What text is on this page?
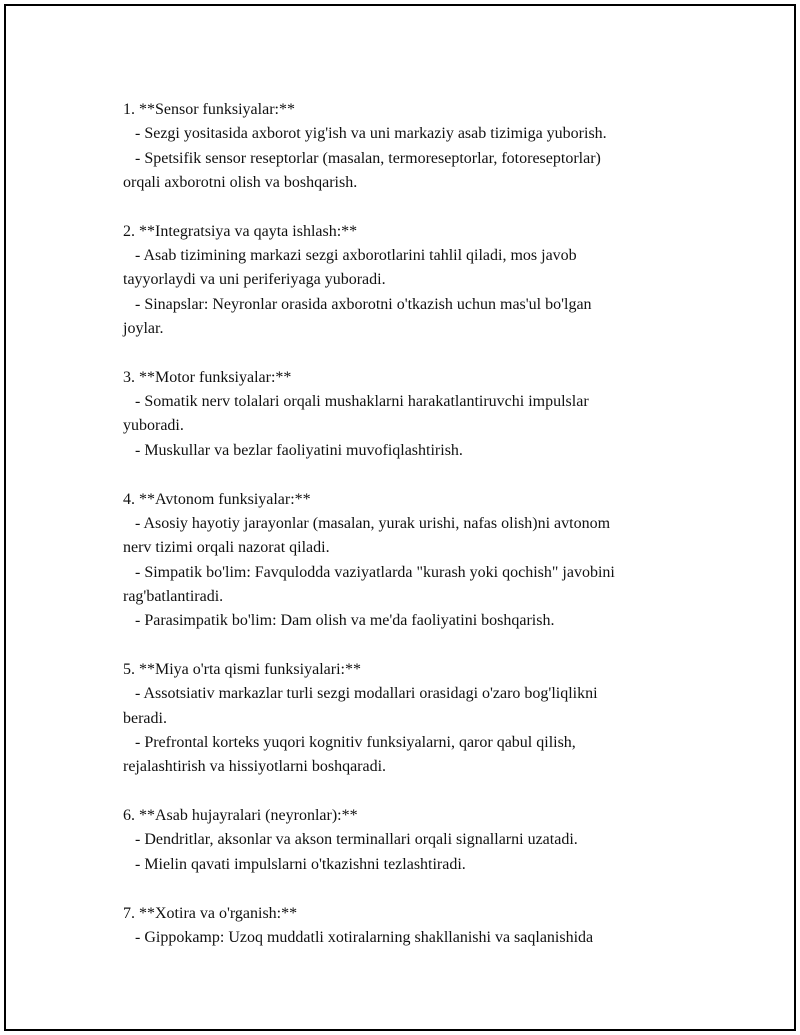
1. **Sensor funksiyalar:**
- Sezgi yositasida axborot yig'ish va uni markaziy asab tizimiga yuborish.
- Spetsifik sensor reseptorlar (masalan, termoreseptorlar, fotoreseptorlar)
orqali axborotni olish va boshqarish.
2. **Integratsiya va qayta ishlash:**
- Asab tizimining markazi sezgi axborotlarini tahlil qiladi, mos javob
tayyorlaydi va uni periferiyaga yuboradi.
- Sinapslar: Neyronlar orasida axborotni o'tkazish uchun mas'ul bo'lgan
joylar.
3. **Motor funksiyalar:**
- Somatik nerv tolalari orqali mushaklarni harakatlantiruvchi impulslar
yuboradi.
- Muskullar va bezlar faoliyatini muvofiqlashtirish.
4. **Avtonom funksiyalar:**
- Asosiy hayotiy jarayonlar (masalan, yurak urishi, nafas olish)ni avtonom
nerv tizimi orqali nazorat qiladi.
- Simpatik bo'lim: Favqulodda vaziyatlarda "kurash yoki qochish" javobini
rag'batlantiradi.
- Parasimpatik bo'lim: Dam olish va me'da faoliyatini boshqarish.
5. **Miya o'rta qismi funksiyalari:**
- Assotsiativ markazlar turli sezgi modallari orasidagi o'zaro bog'liqlikni
beradi.
- Prefrontal korteks yuqori kognitiv funksiyalarni, qaror qabul qilish,
rejalashtirish va hissiyotlarni boshqaradi.
6. **Asab hujayralari (neyronlar):**
- Dendritlar, aksonlar va akson terminallari orqali signallarni uzatadi.
- Mielin qavati impulslarni o'tkazishni tezlashtiradi.
7. **Xotira va o'rganish:**
- Gippokamp: Uzoq muddatli xotiralarning shakllanishi va saqlanishida
